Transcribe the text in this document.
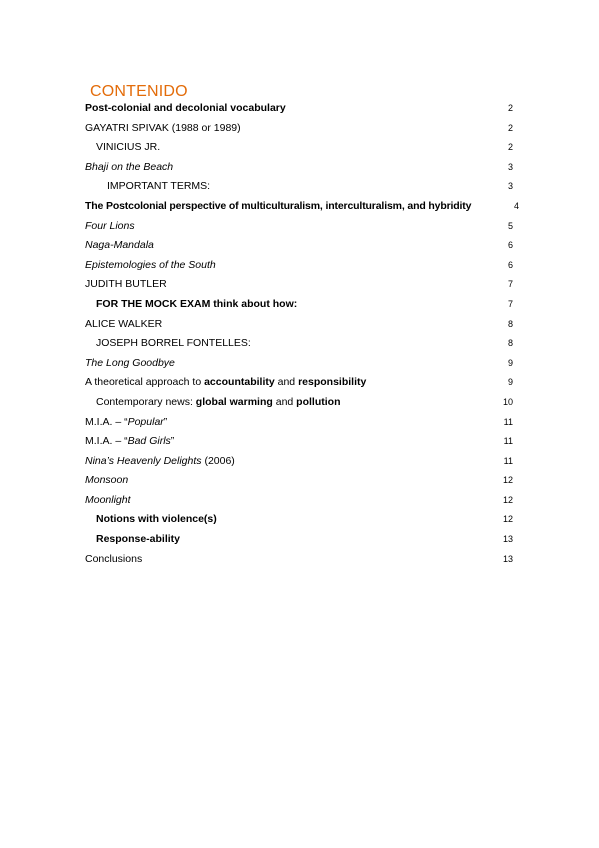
CONTENIDO
Post-colonial and decolonial vocabulary	2
GAYATRI SPIVAK (1988 or 1989)	2
VINICIUS JR.	2
Bhaji on the Beach	3
IMPORTANT TERMS:	3
The Postcolonial perspective of multiculturalism, interculturalism, and hybridity	4
Four Lions	5
Naga-Mandala	6
Epistemologies of the South	6
JUDITH BUTLER	7
FOR THE MOCK EXAM think about how:	7
ALICE WALKER	8
JOSEPH BORREL FONTELLES:	8
The Long Goodbye	9
A theoretical approach to accountability and responsibility	9
Contemporary news: global warming and pollution	10
M.I.A. – “Popular”	11
M.I.A. – “Bad Girls”	11
Nina’s Heavenly Delights (2006)	11
Monsoon	12
Moonlight	12
Notions with violence(s)	12
Response-ability	13
Conclusions	13
